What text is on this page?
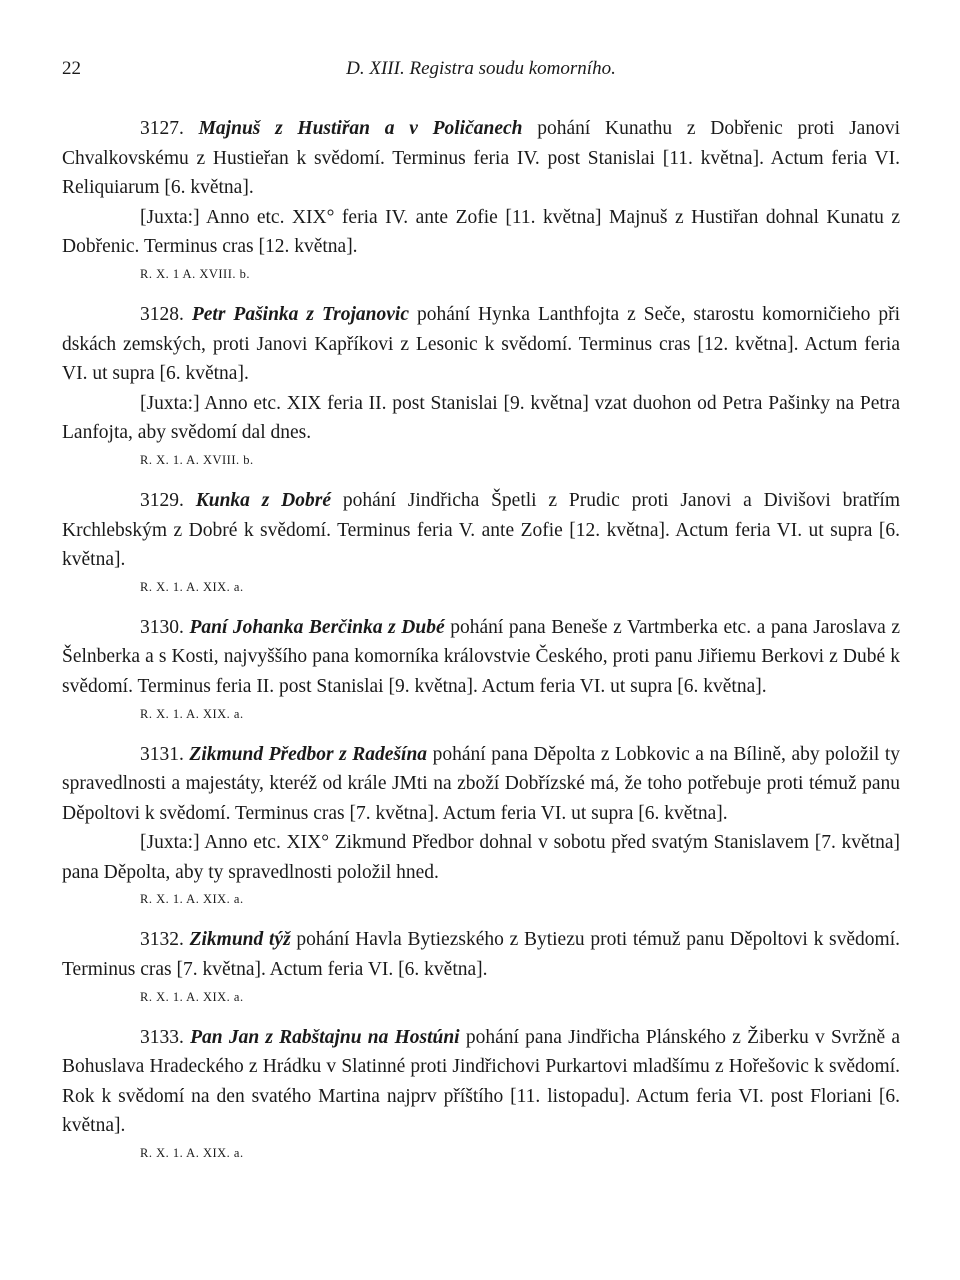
22	D. XIII. Registra soudu komorního.

3127. Majnuš z Hustiřan a v Poličanech pohání Kunathu z Dobřenic proti Janovi Chvalkovskému z Hustieřan k svědomí. Terminus feria IV. post Stanislai [11. května]. Actum feria VI. Reliquiarum [6. května].

[Juxta:] Anno etc. XIX° feria IV. ante Zofie [11. května] Majnuš z Hustiřan dohnal Kunatu z Dobřenic. Terminus cras [12. května].

R. X. 1 A. XVIII. b.

3128. Petr Pašinka z Trojanovic pohání Hynka Lanthfojta z Seče, starostu komorničieho při dskách zemských, proti Janovi Kapříkovi z Lesonic k svědomí. Terminus cras [12. května]. Actum feria VI. ut supra [6. května].

[Juxta:] Anno etc. XIX feria II. post Stanislai [9. května] vzat duohon od Petra Pašinky na Petra Lanfojta, aby svědomí dal dnes.

R. X. 1. A. XVIII. b.

3129. Kunka z Dobré pohání Jindřicha Špetli z Prudic proti Janovi a Divišovi bratřím Krchlebským z Dobré k svědomí. Terminus feria V. ante Zofie [12. května]. Actum feria VI. ut supra [6. května].

R. X. 1. A. XIX. a.

3130. Paní Johanka Berčinka z Dubé pohání pana Beneše z Vartmberka etc. a pana Jaroslava z Šelnberka a s Kosti, najvyššího pana komorníka královstvie Českého, proti panu Jiřiemu Berkovi z Dubé k svědomí. Terminus feria II. post Stanislai [9. května]. Actum feria VI. ut supra [6. května].

R. X. 1. A. XIX. a.

3131. Zikmund Předbor z Radešína pohání pana Děpolta z Lobkovic a na Bílině, aby položil ty spravedlnosti a majestáty, kteréž od krále JMti na zboží Dobřízské má, že toho potřebuje proti témuž panu Děpoltovi k svědomí. Terminus cras [7. května]. Actum feria VI. ut supra [6. května].

[Juxta:] Anno etc. XIX° Zikmund Předbor dohnal v sobotu před svatým Stanislavem [7. května] pana Děpolta, aby ty spravedlnosti položil hned.

R. X. 1. A. XIX. a.

3132. Zikmund týž pohání Havla Bytiezského z Bytiezu proti témuž panu Děpoltovi k svědomí. Terminus cras [7. května]. Actum feria VI. [6. května].

R. X. 1. A. XIX. a.

3133. Pan Jan z Rabštajnu na Hostúni pohání pana Jindřicha Plánského z Žiberku v Svržně a Bohuslava Hradeckého z Hrádku v Slatinné proti Jindřichovi Purkartovi mladšímu z Hořešovic k svědomí. Rok k svědomí na den svatého Martina najprv příštího [11. listopadu]. Actum feria VI. post Floriani [6. května].

R. X. 1. A. XIX. a.
